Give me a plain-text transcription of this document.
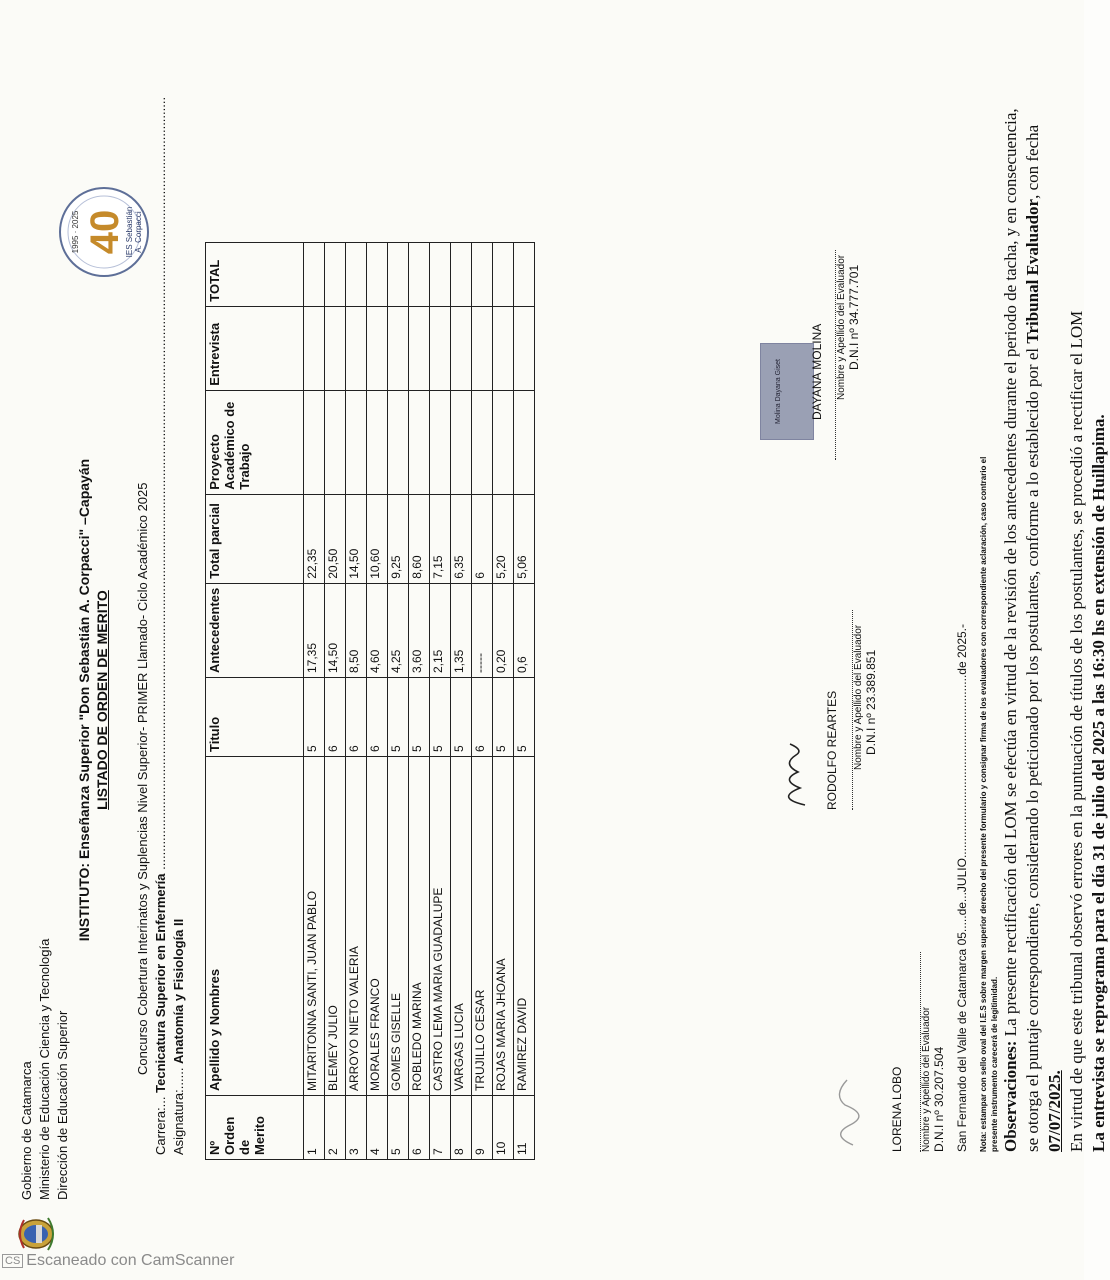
Gobierno de Catamarca Ministerio de Educación Ciencia y Tecnología Dirección de Educación Superior
INSTITUTO: Enseñanza Superior "Don Sebastián A. Corpacci" –Capayán LISTADO DE ORDEN DE MERITO
40
1995 · 2025	IES Sebastián A. Corpacci
Concurso Cobertura Interinatos y Suplencias Nivel Superior- PRIMER Llamado- Ciclo Académico 2025
Carrera:... Tecnicatura Superior en Enfermería ......................................................................................................................................................................................................................
Asignatura:...... Anatomía y Fisiología II
Nº Orden de Merito	Apellido y Nombres	Titulo	Antecedentes	Total parcial	Proyecto Académico de Trabajo	Entrevista	TOTAL
1	MITARITONNA SANTI, JUAN PABLO	5	17,35	22,35			
2	BLEMEY JULIO	6	14,50	20,50			
3	ARROYO NIETO VALERIA	6	8,50	14,50			
4	MORALES FRANCO	6	4,60	10,60			
5	GOMES GISELLE	5	4,25	9,25			
6	ROBLEDO MARINA	5	3,60	8,60			
7	CASTRO LEMA MARIA GUADALUPE	5	2,15	7,15			
8	VARGAS LUCIA	5	1,35	6,35			
9	TRUJILLO CESAR	6	-----	6			
10	ROJAS MARIA JHOANA	5	0,20	5,20			
11	RAMIREZ DAVID	5	0,6	5,06			
LORENA LOBO Nombre y Apellido del Evaluador D.N.I nº 30.207.504
RODOLFO REARTES Nombre y Apellido del Evaluador D.N.I nº 23.389.851
Molina Dayana Giset	DAYANA MOLINA Nombre y Apellido del Evaluador D.N.I nº 34.777.701
San Fernando del Valle de Catamarca 05.....de...JULIO.......................................................de 2025.- Nota: estampar con sello oval del I.E.S sobre margen superior derecho del presente formulario y consignar firma de los evaluadores con correspondiente aclaración, caso contrario el presente instrumento carecerá de legitimidad. Observaciones: La presente rectificación del LOM se efectúa en virtud de la revisión de los antecedentes durante el periodo de tacha, y en consecuencia, se otorga el puntaje correspondiente, considerando lo peticionado por los postulantes, conforme a lo establecido por el Tribunal Evaluador, con fecha 07/07/2025. En virtud de que este tribunal observó errores en la puntuación de títulos de los postulantes, se procedió a rectificar el LOM La entrevista se reprograma para el día 31 de julio del 2025 a las 16:30 hs en extensión de Huillapima.

CS Escaneado con CamScanner
